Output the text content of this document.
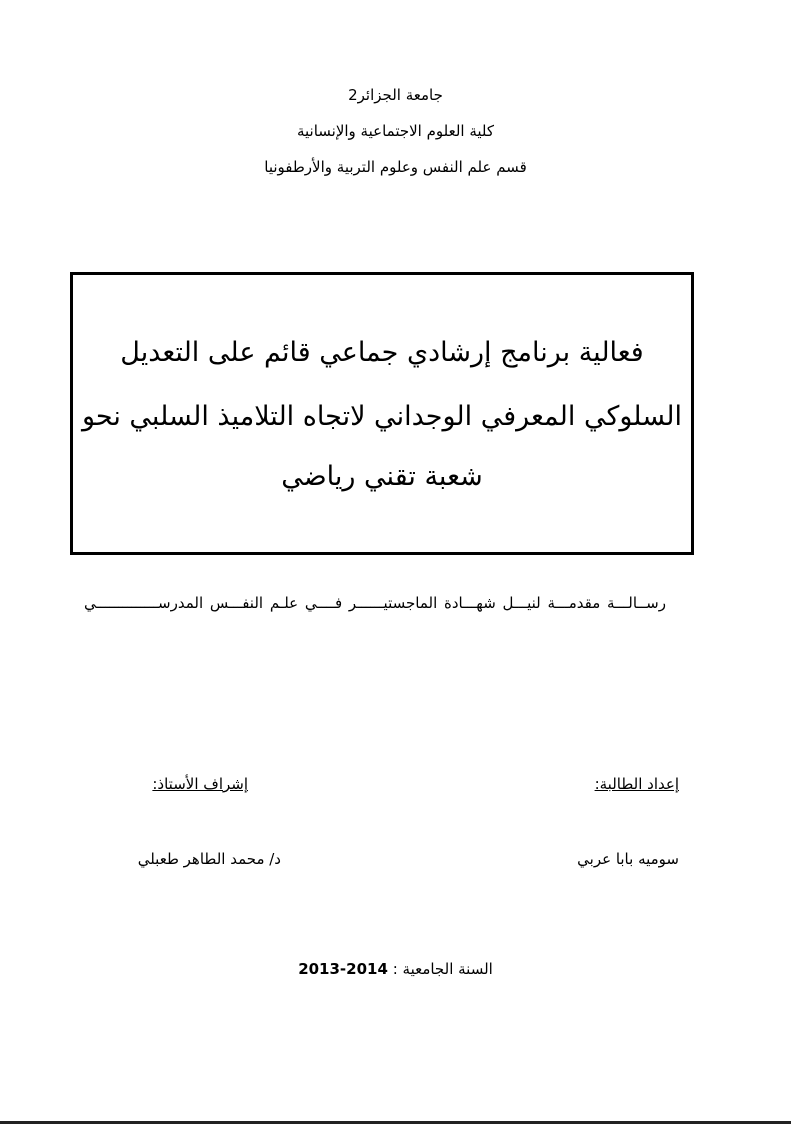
جامعة الجزائر2
كلية العلوم الاجتماعية والإنسانية
قسم علم النفس وعلوم التربية والأرطفونيا
فعالية برنامج إرشادي جماعي قائم على التعديل
السلوكي المعرفي الوجداني لاتجاه التلاميذ السلبي نحو
شعبة تقني رياضي
رســالـــة مقدمـــة لنيـــل شهـــادة الماجستيــــــر فــــي علـم النفـــس المدرســــــــــــــي
إعداد الطالبة:
إشراف الأستاذ:
سوميه بابا عربي
د/ محمد الطاهر طعبلي
السنة الجامعية : 2013-2014
